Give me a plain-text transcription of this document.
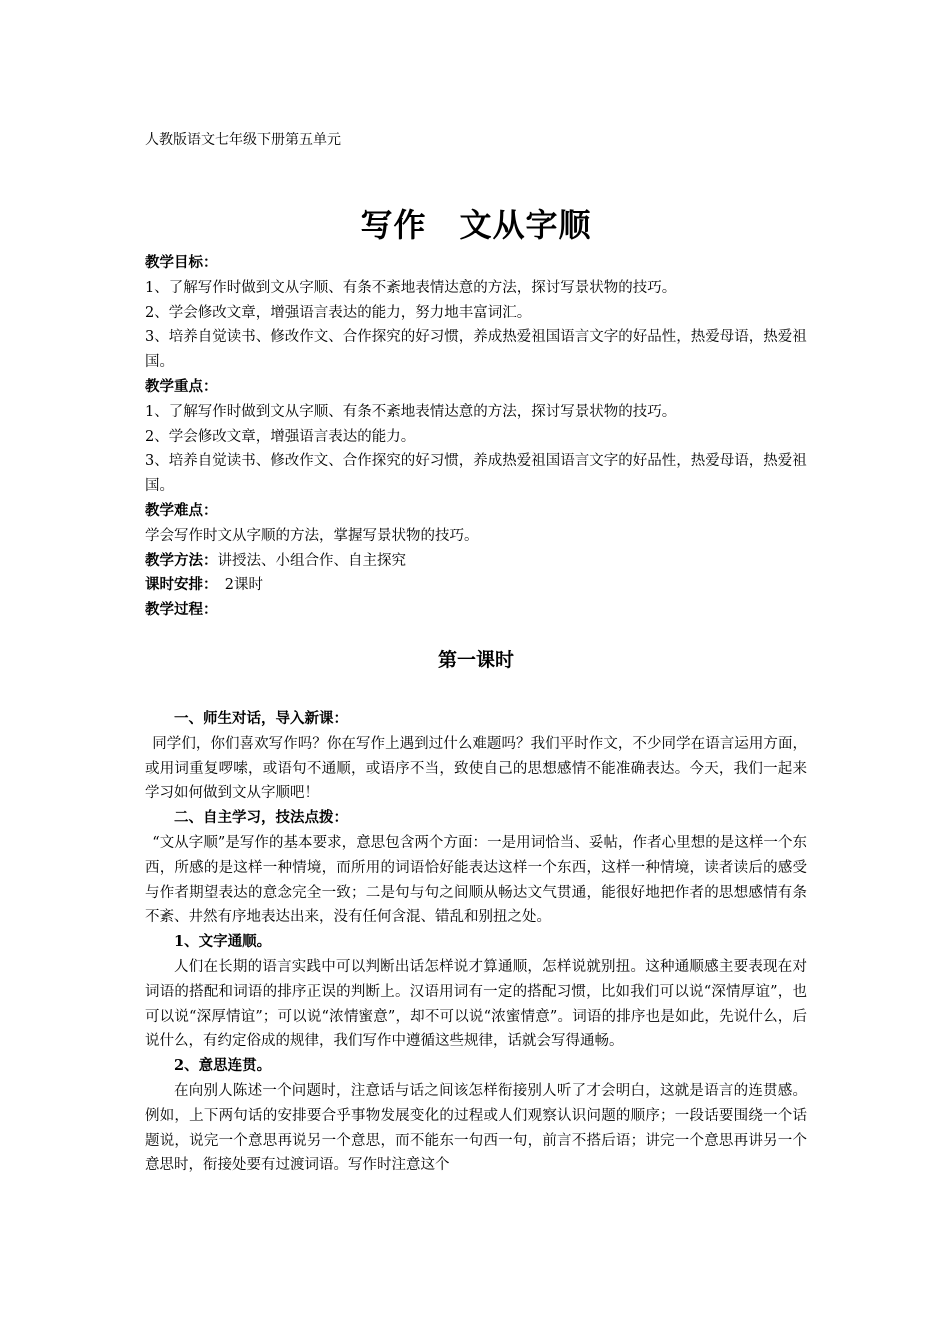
人教版语文七年级下册第五单元
写作　文从字顺

教学目标：

1、了解写作时做到文从字顺、有条不紊地表情达意的方法，探讨写景状物的技巧。

2、学会修改文章，增强语言表达的能力，努力地丰富词汇。

3、培养自觉读书、修改作文、合作探究的好习惯，养成热爱祖国语言文字的好品性，热爱母语，热爱祖国。

教学重点：

1、了解写作时做到文从字顺、有条不紊地表情达意的方法，探讨写景状物的技巧。

2、学会修改文章，增强语言表达的能力。

3、培养自觉读书、修改作文、合作探究的好习惯，养成热爱祖国语言文字的好品性，热爱母语，热爱祖国。

教学难点：

学会写作时文从字顺的方法，掌握写景状物的技巧。

教学方法：讲授法、小组合作、自主探究

课时安排：　2课时

教学过程：

第一课时

一、师生对话，导入新课：

同学们，你们喜欢写作吗？你在写作上遇到过什么难题吗？我们平时作文，不少同学在语言运用方面，或用词重复啰嗦，或语句不通顺，或语序不当，致使自己的思想感情不能准确表达。今天，我们一起来学习如何做到文从字顺吧！

二、自主学习，技法点拨：

“文从字顺”是写作的基本要求，意思包含两个方面：一是用词恰当、妥帖，作者心里想的是这样一个东西，所感的是这样一种情境，而所用的词语恰好能表达这样一个东西，这样一种情境，读者读后的感受与作者期望表达的意念完全一致；二是句与句之间顺从畅达文气贯通，能很好地把作者的思想感情有条不紊、井然有序地表达出来，没有任何含混、错乱和别扭之处。

1、文字通顺。

人们在长期的语言实践中可以判断出话怎样说才算通顺，怎样说就别扭。这种通顺感主要表现在对词语的搭配和词语的排序正误的判断上。汉语用词有一定的搭配习惯，比如我们可以说“深情厚谊”，也可以说“深厚情谊”；可以说“浓情蜜意”，却不可以说“浓蜜情意”。词语的排序也是如此，先说什么，后说什么，有约定俗成的规律，我们写作中遵循这些规律，话就会写得通畅。

2、意思连贯。

在向别人陈述一个问题时，注意话与话之间该怎样衔接别人听了才会明白，这就是语言的连贯感。例如，上下两句话的安排要合乎事物发展变化的过程或人们观察认识问题的顺序；一段话要围绕一个话题说，说完一个意思再说另一个意思，而不能东一句西一句，前言不搭后语；讲完一个意思再讲另一个意思时，衔接处要有过渡词语。写作时注意这个
